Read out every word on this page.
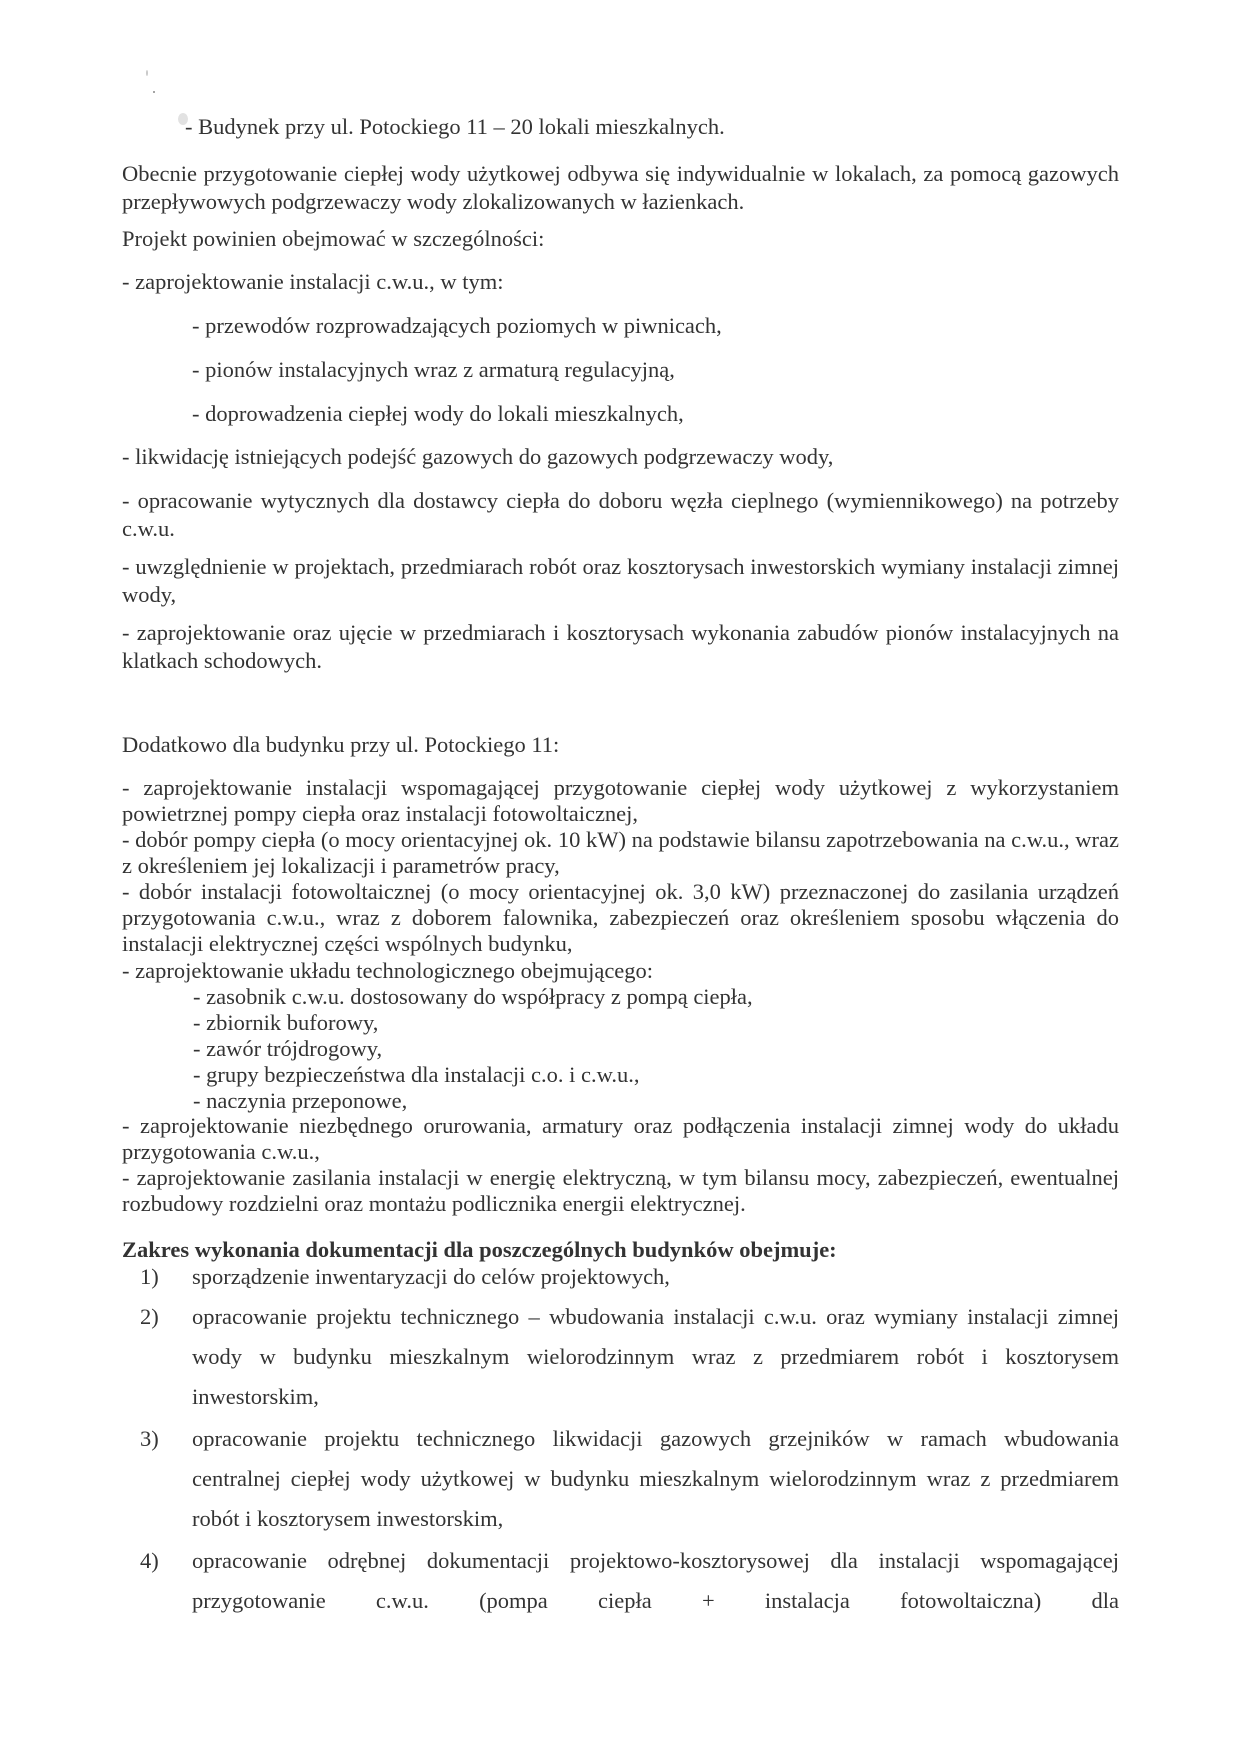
- Budynek przy ul. Potockiego 11 – 20 lokali mieszkalnych.
Obecnie przygotowanie ciepłej wody użytkowej odbywa się indywidualnie w lokalach, za pomocą gazowych przepływowych podgrzewaczy wody zlokalizowanych w łazienkach.
Projekt powinien obejmować w szczególności:
- zaprojektowanie instalacji c.w.u., w tym:
- przewodów rozprowadzających poziomych w piwnicach,
- pionów instalacyjnych wraz z armaturą regulacyjną,
- doprowadzenia ciepłej wody do lokali mieszkalnych,
- likwidację istniejących podejść gazowych do gazowych podgrzewaczy wody,
- opracowanie wytycznych dla dostawcy ciepła do doboru węzła cieplnego (wymiennikowego) na potrzeby c.w.u.
- uwzględnienie w projektach, przedmiarach robót oraz kosztorysach inwestorskich wymiany instalacji zimnej wody,
- zaprojektowanie oraz ujęcie w przedmiarach i kosztorysach wykonania zabudów pionów instalacyjnych na klatkach schodowych.
Dodatkowo dla budynku przy ul. Potockiego 11:
- zaprojektowanie instalacji wspomagającej przygotowanie ciepłej wody użytkowej z wykorzystaniem powietrznej pompy ciepła oraz instalacji fotowoltaicznej,
- dobór pompy ciepła (o mocy orientacyjnej ok. 10 kW) na podstawie bilansu zapotrzebowania na c.w.u., wraz z określeniem jej lokalizacji i parametrów pracy,
- dobór instalacji fotowoltaicznej (o mocy orientacyjnej ok. 3,0 kW) przeznaczonej do zasilania urządzeń przygotowania c.w.u., wraz z doborem falownika, zabezpieczeń oraz określeniem sposobu włączenia do instalacji elektrycznej części wspólnych budynku,
- zaprojektowanie układu technologicznego obejmującego:
- zasobnik c.w.u. dostosowany do współpracy z pompą ciepła,
- zbiornik buforowy,
- zawór trójdrogowy,
- grupy bezpieczeństwa dla instalacji c.o. i c.w.u.,
- naczynia przeponowe,
- zaprojektowanie niezbędnego orurowania, armatury oraz podłączenia instalacji zimnej wody do układu przygotowania c.w.u.,
- zaprojektowanie zasilania instalacji w energię elektryczną, w tym bilansu mocy, zabezpieczeń, ewentualnej rozbudowy rozdzielni oraz montażu podlicznika energii elektrycznej.
Zakres wykonania dokumentacji dla poszczególnych budynków obejmuje:
1)	sporządzenie inwentaryzacji do celów projektowych,
2)	opracowanie projektu technicznego – wbudowania instalacji c.w.u. oraz wymiany instalacji zimnej wody w budynku mieszkalnym wielorodzinnym wraz z przedmiarem robót i kosztorysem inwestorskim,
3)	opracowanie projektu technicznego likwidacji gazowych grzejników w ramach wbudowania centralnej ciepłej wody użytkowej w budynku mieszkalnym wielorodzinnym wraz z przedmiarem robót i kosztorysem inwestorskim,
4)	opracowanie odrębnej dokumentacji projektowo-kosztorysowej dla instalacji wspomagającej przygotowanie c.w.u. (pompa ciepła + instalacja fotowoltaiczna) dla
